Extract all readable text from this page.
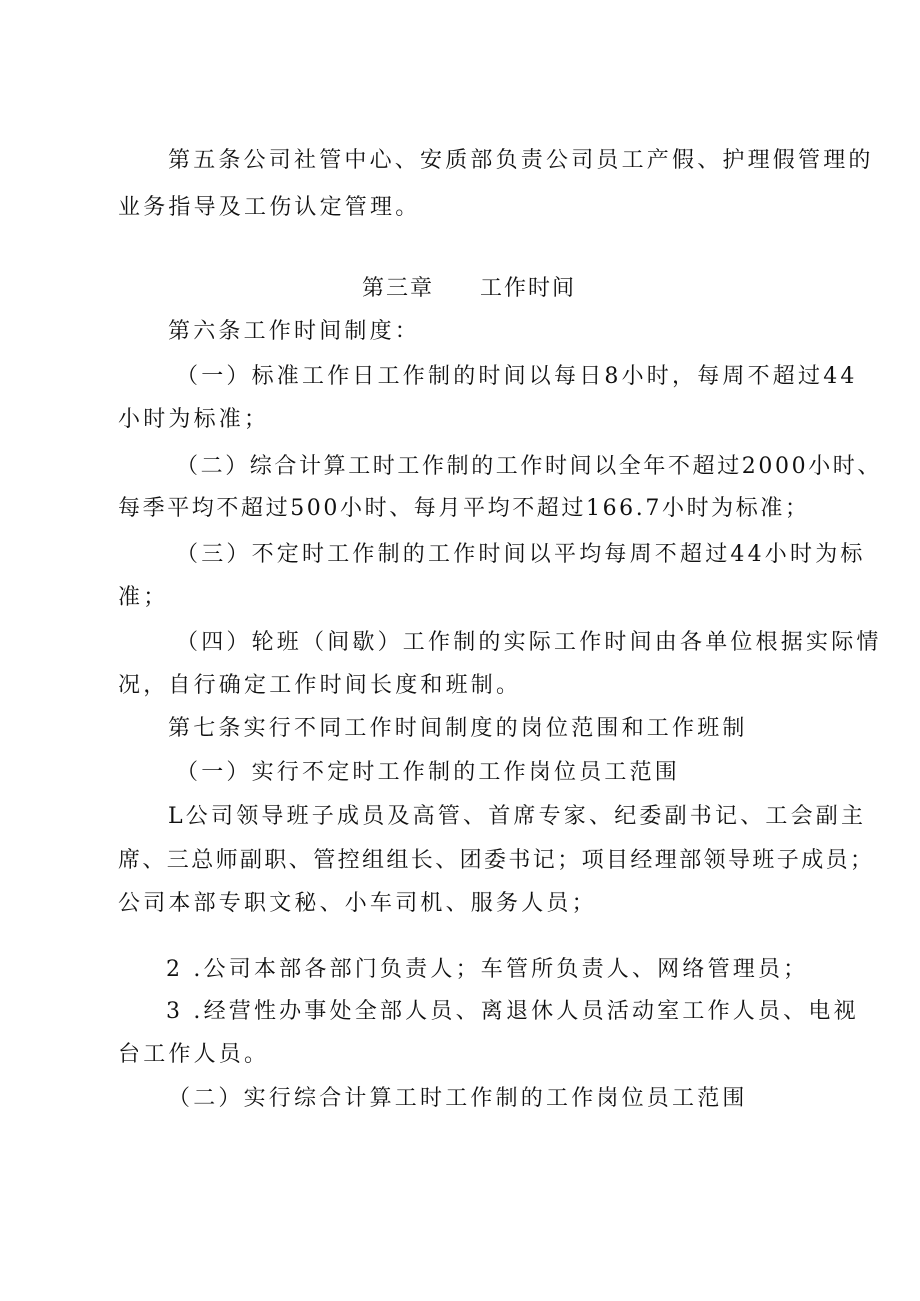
第五条公司社管中心、安质部负责公司员工产假、护理假管理的
业务指导及工伤认定管理。
第三章 工作时间
第六条工作时间制度：
（一）标准工作日工作制的时间以每日8小时，每周不超过44
小时为标准；
（二）综合计算工时工作制的工作时间以全年不超过2000小时、
每季平均不超过500小时、每月平均不超过166.7小时为标准；
（三）不定时工作制的工作时间以平均每周不超过44小时为标
准；
（四）轮班（间歇）工作制的实际工作时间由各单位根据实际情
况，自行确定工作时间长度和班制。
第七条实行不同工作时间制度的岗位范围和工作班制
（一）实行不定时工作制的工作岗位员工范围
L公司领导班子成员及高管、首席专家、纪委副书记、工会副主
席、三总师副职、管控组组长、团委书记；项目经理部领导班子成员；
公司本部专职文秘、小车司机、服务人员；
2 .公司本部各部门负责人；车管所负责人、网络管理员；
3 .经营性办事处全部人员、离退休人员活动室工作人员、电视
台工作人员。
（二）实行综合计算工时工作制的工作岗位员工范围
